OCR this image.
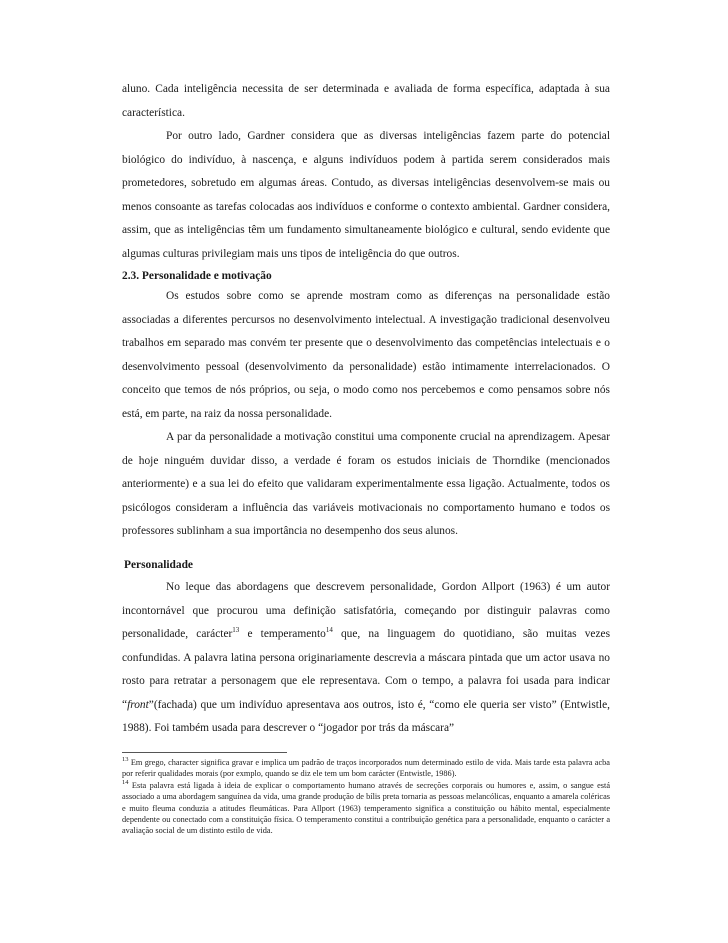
aluno. Cada inteligência necessita de ser determinada e avaliada de forma específica, adaptada à sua característica.

Por outro lado, Gardner considera que as diversas inteligências fazem parte do potencial biológico do indivíduo, à nascença, e alguns indivíduos podem à partida serem considerados mais prometedores, sobretudo em algumas áreas. Contudo, as diversas inteligências desenvolvem-se mais ou menos consoante as tarefas colocadas aos indivíduos e conforme o contexto ambiental. Gardner considera, assim, que as inteligências têm um fundamento simultaneamente biológico e cultural, sendo evidente que algumas culturas privilegiam mais uns tipos de inteligência do que outros.

2.3. Personalidade e motivação

Os estudos sobre como se aprende mostram como as diferenças na personalidade estão associadas a diferentes percursos no desenvolvimento intelectual. A investigação tradicional desenvolveu trabalhos em separado mas convém ter presente que o desenvolvimento das competências intelectuais e o desenvolvimento pessoal (desenvolvimento da personalidade) estão intimamente interrelacionados. O conceito que temos de nós próprios, ou seja, o modo como nos percebemos e como pensamos sobre nós está, em parte, na raiz da nossa personalidade.

A par da personalidade a motivação constitui uma componente crucial na aprendizagem. Apesar de hoje ninguém duvidar disso, a verdade é foram os estudos iniciais de Thorndike (mencionados anteriormente) e a sua lei do efeito que validaram experimentalmente essa ligação. Actualmente, todos os psicólogos consideram a influência das variáveis motivacionais no comportamento humano e todos os professores sublinham a sua importância no desempenho dos seus alunos.

Personalidade

No leque das abordagens que descrevem personalidade, Gordon Allport (1963) é um autor incontornável que procurou uma definição satisfatória, começando por distinguir palavras como personalidade, carácter$^{13}$ e temperamento$^{14}$ que, na linguagem do quotidiano, são muitas vezes confundidas. A palavra latina persona originariamente descrevia a máscara pintada que um actor usava no rosto para retratar a personagem que ele representava. Com o tempo, a palavra foi usada para indicar “front”(fachada) que um indivíduo apresentava aos outros, isto é, “como ele queria ser visto” (Entwistle, 1988). Foi também usada para descrever o “jogador por trás da máscara”

$^{13}$ Em grego, character significa gravar e implica um padrão de traços incorporados num determinado estilo de vida. Mais tarde esta palavra acba por referir qualidades morais (por exmplo, quando se diz ele tem um bom carácter (Entwistle, 1986).

$^{14}$ Esta palavra está ligada à ideia de explicar o comportamento humano através de secreções corporais ou humores e, assim, o sangue está associado a uma abordagem sanguínea da vida, uma grande produção de bílis preta tornaria as pessoas melancólicas, enquanto a amarela coléricas e muito fleuma conduzia a atitudes fleumáticas. Para Allport (1963) temperamento significa a constituição ou hábito mental, especialmente dependente ou conectado com a constituição física. O temperamento constitui a contribuição genética para a personalidade, enquanto o carácter a avaliação social de um distinto estilo de vida.
